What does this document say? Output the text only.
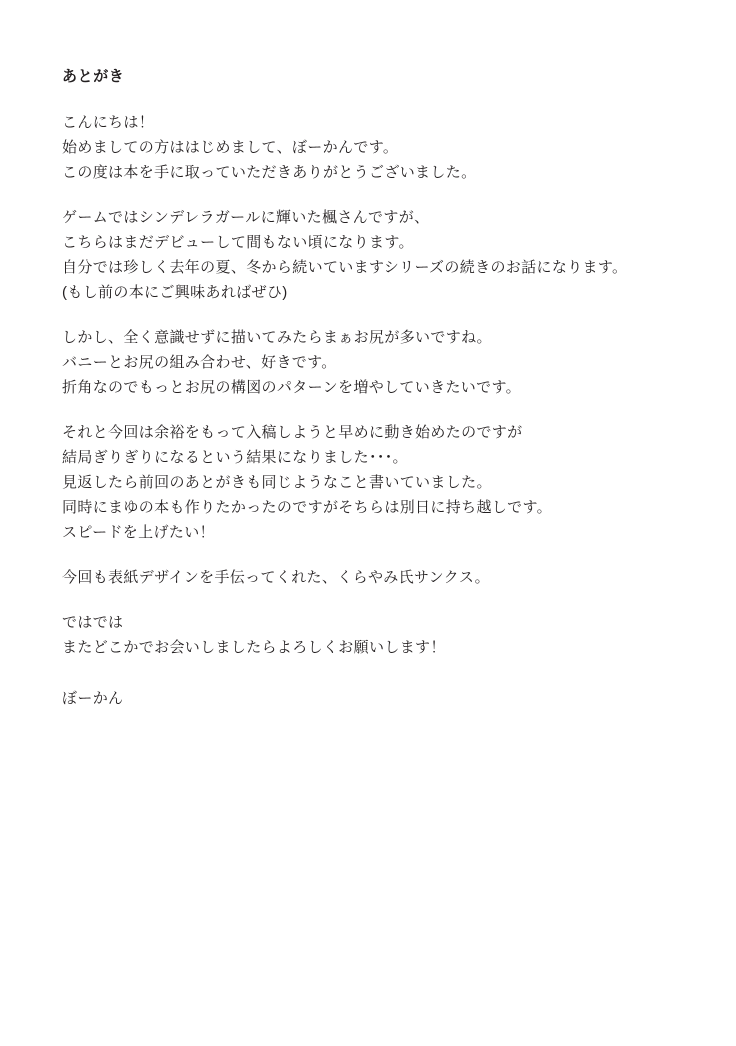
あとがき
こんにちは！
始めましての方ははじめまして、ぼーかんです。
この度は本を手に取っていただきありがとうございました。
ゲームではシンデレラガールに輝いた楓さんですが、
こちらはまだデビューして間もない頃になります。
自分では珍しく去年の夏、冬から続いていますシリーズの続きのお話になります。
(もし前の本にご興味あればぜひ)
しかし、全く意識せずに描いてみたらまぁお尻が多いですね。
バニーとお尻の組み合わせ、好きです。
折角なのでもっとお尻の構図のパターンを増やしていきたいです。
それと今回は余裕をもって入稿しようと早めに動き始めたのですが
結局ぎりぎりになるという結果になりました･･･。
見返したら前回のあとがきも同じようなこと書いていました。
同時にまゆの本も作りたかったのですがそちらは別日に持ち越しです。
スピードを上げたい！
今回も表紙デザインを手伝ってくれた、くらやみ氏サンクス。
ではでは
またどこかでお会いしましたらよろしくお願いします！
ぼーかん
